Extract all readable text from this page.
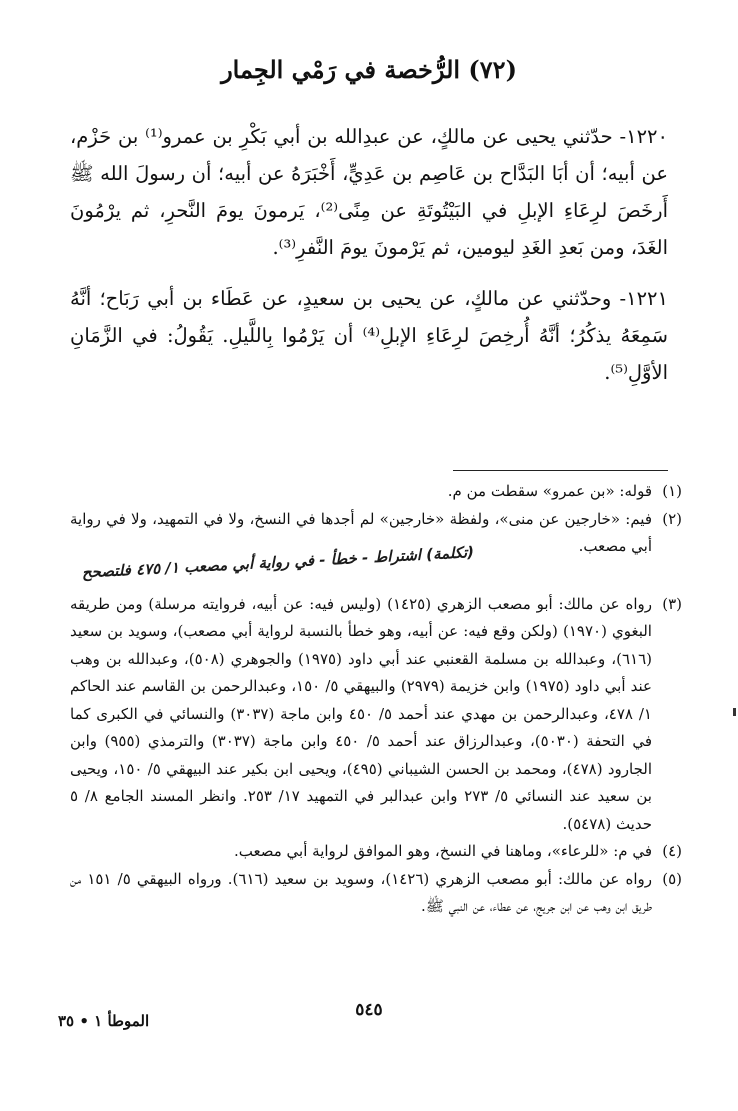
(٧٢) الرُّخصة في رَمْي الجِمار

١٢٢٠- حدّثني يحيى عن مالكٍ، عن عبدِالله بن أبي بَكْرِ بن عمرو⁽¹⁾ بن حَزْم، عن أبيه؛ أن أبَا البَدَّاح بن عَاصِم بن عَدِيٍّ، أَخْبَرَهُ عن أبيه؛ أن رسولَ الله ﷺ أَرخَصَ لرِعَاءِ الإبلِ في البَيْتُوتَةِ عن مِنًى⁽²⁾، يَرمونَ يومَ النَّحرِ، ثم يرْمُونَ الغَدَ، ومن بَعدِ الغَدِ ليومين، ثم يَرْمونَ يومَ النَّفرِ⁽³⁾.

١٢٢١- وحدّثني عن مالكٍ، عن يحيى بن سعيدٍ، عن عَطَاء بن أبي رَبَاح؛ أنَّهُ سَمِعَهُ يذكُرُ؛ أنَّهُ أُرخِصَ لرِعَاءِ الإبلِ⁽⁴⁾ أن يَرْمُوا بِاللَّيلِ. يَقُولُ: في الزَّمَانِ الأوَّلِ⁽⁵⁾.

(١)
قوله: «بن عمرو» سقطت من م.
(٢)
فيم: «خارجين عن منى»، ولفظة «خارجين» لم أجدها في النسخ، ولا في التمهيد، ولا في رواية أبي مصعب.
(٣)
رواه عن مالك: أبو مصعب الزهري (١٤٢٥) (وليس فيه: عن أبيه، فروايته مرسلة) ومن طريقه البغوي (١٩٧٠) (ولكن وقع فيه: عن أبيه، وهو خطأ بالنسبة لرواية أبي مصعب)، وسويد بن سعيد (٦١٦)، وعبدالله بن مسلمة القعنبي عند أبي داود (١٩٧٥) والجوهري (٥٠٨)، وعبدالله بن وهب عند أبي داود (١٩٧٥) وابن خزيمة (٢٩٧٩) والبيهقي ٥/ ١٥٠، وعبدالرحمن بن القاسم عند الحاكم ١/ ٤٧٨، وعبدالرحمن بن مهدي عند أحمد ٥/ ٤٥٠ وابن ماجة (٣٠٣٧) والنسائي في الكبرى كما في التحفة (٥٠٣٠)، وعبدالرزاق عند أحمد ٥/ ٤٥٠ وابن ماجة (٣٠٣٧) والترمذي (٩٥٥) وابن الجارود (٤٧٨)، ومحمد بن الحسن الشيباني (٤٩٥)، ويحيى ابن بكير عند البيهقي ٥/ ١٥٠، ويحيى بن سعيد عند النسائي ٥/ ٢٧٣ وابن عبدالبر في التمهيد ١٧/ ٢٥٣. وانظر المسند الجامع ٨/ ٥ حديث (٥٤٧٨).
(٤)
في م: «للرعاء»، وماهنا في النسخ، وهو الموافق لرواية أبي مصعب.
(٥)
رواه عن مالك: أبو مصعب الزهري (١٤٢٦)، وسويد بن سعيد (٦١٦). ورواه البيهقي ٥/ ١٥١ من طريق ابن وهب عن ابن جريج، عن عطاء، عن النبي ﷺ.
(تكلمة) اشتراط - خطأ - في رواية أبي مصعب ١/ ٤٧٥ فلتصحح
٥٤٥
الموطأ ١ • ٣٥
